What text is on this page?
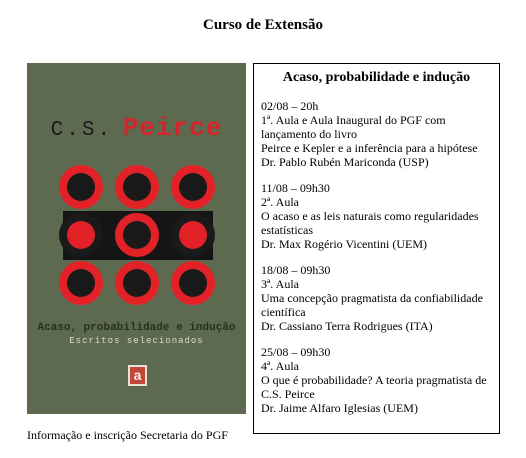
Curso de Extensão
C.S. Peirce
Acaso, probabilidade e indução
Escritos selecionados
a
Acaso, probabilidade e indução
02/08 – 20h
1ª. Aula e Aula Inaugural do PGF com
lançamento do livro
Peirce e Kepler e a inferência para a hipótese
Dr. Pablo Rubén Mariconda (USP)
11/08 – 09h30
2ª. Aula
O acaso e as leis naturais como regularidades
estatísticas
Dr. Max Rogério Vicentini (UEM)
18/08 – 09h30
3ª. Aula
Uma concepção pragmatista da confiabilidade
científica
Dr. Cassiano Terra Rodrigues (ITA)
25/08 – 09h30
4ª. Aula
O que é probabilidade? A teoria pragmatista de
C.S. Peirce
Dr. Jaime Alfaro Iglesias (UEM)
Informação e inscrição Secretaria do PGF
